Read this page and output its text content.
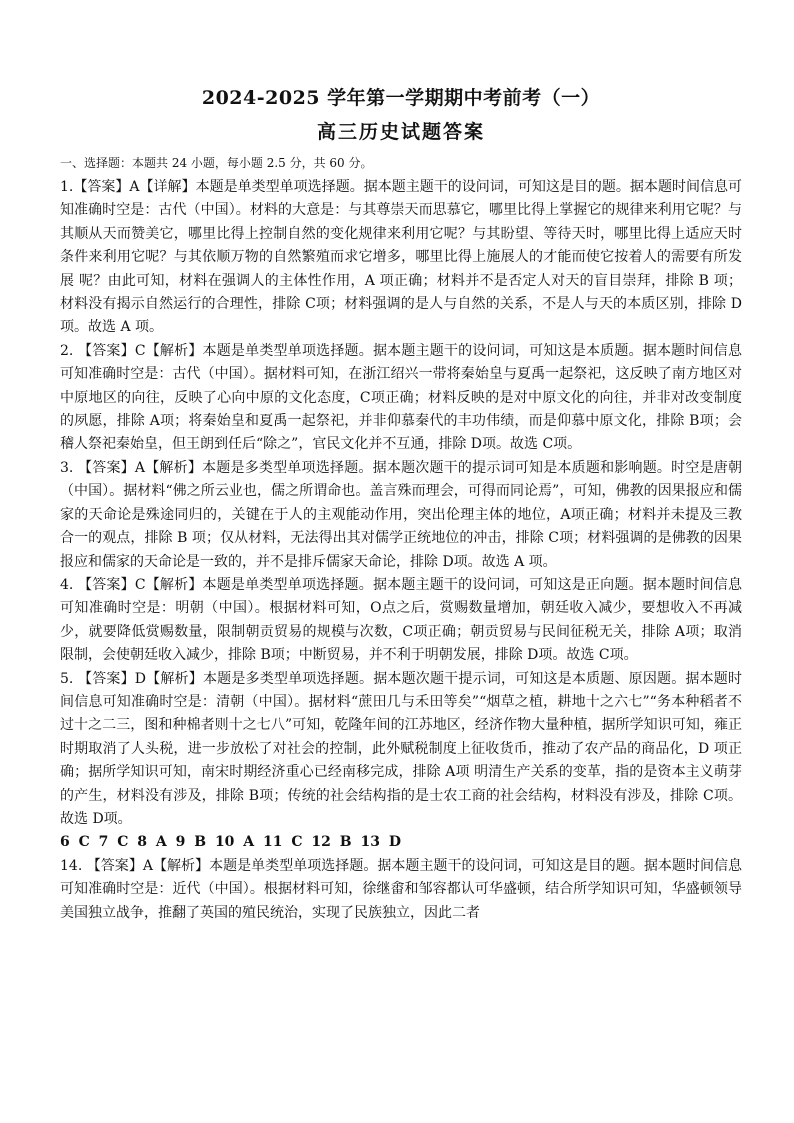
2024-2025 学年第一学期期中考前考（一）
高三历史试题答案

一、选择题：本题共 24 小题，每小题 2.5 分，共 60 分。

1.【答案】A【详解】本题是单类型单项选择题。据本题主题干的设问词，可知这是目的题。据本题时间信息可知准确时空是：古代（中国）。材料的大意是：与其尊崇天而思慕它，哪里比得上掌握它的规律来利用它呢？与其顺从天而赞美它，哪里比得上控制自然的变化规律来利用它呢？与其盼望、等待天时，哪里比得上适应天时条件来利用它呢？与其依顺万物的自然繁殖而求它增多，哪里比得上施展人的才能而使它按着人的需要有所发展 呢？由此可知，材料在强调人的主体性作用，A 项正确；材料并不是否定人对天的盲目崇拜，排除 B 项；材料没有揭示自然运行的合理性，排除 C项；材料强调的是人与自然的关系，不是人与天的本质区别，排除 D 项。故选 A 项。

2. 【答案】C【解析】本题是单类型单项选择题。据本题主题干的设问词，可知这是本质题。据本题时间信息可知准确时空是：古代（中国）。据材料可知，在浙江绍兴一带将秦始皇与夏禹一起祭祀，这反映了南方地区对中原地区的向往，反映了心向中原的文化态度，C项正确；材料反映的是对中原文化的向往，并非对改变制度的夙愿，排除 A项；将秦始皇和夏禹一起祭祀，并非仰慕秦代的丰功伟绩，而是仰慕中原文化，排除 B项；会稽人祭祀秦始皇，但王朗到任后“除之”，官民文化并不互通，排除 D项。故选 C项。

3. 【答案】A【解析】本题是多类型单项选择题。据本题次题干的提示词可知是本质题和影响题。时空是唐朝（中国）。据材料“佛之所云业也，儒之所谓命也。盖言殊而理会，可得而同论焉”，可知，佛教的因果报应和儒家的天命论是殊途同归的，关键在于人的主观能动作用，突出伦理主体的地位，A项正确；材料并未提及三教合一的观点，排除 B 项；仅从材料，无法得出其对儒学正统地位的冲击，排除 C项；材料强调的是佛教的因果报应和儒家的天命论是一致的，并不是排斥儒家天命论，排除 D项。故选 A 项。

4. 【答案】C【解析】本题是单类型单项选择题。据本题主题干的设问词，可知这是正向题。据本题时间信息可知准确时空是：明朝（中国）。根据材料可知，O点之后，赏赐数量增加，朝廷收入减少，要想收入不再减少，就要降低赏赐数量，限制朝贡贸易的规模与次数，C项正确；朝贡贸易与民间征税无关，排除 A项；取消限制，会使朝廷收入减少，排除 B项；中断贸易，并不利于明朝发展，排除 D项。故选 C项。

5. 【答案】D【解析】本题是多类型单项选择题。据本题次题干提示词，可知这是本质题、原因题。据本题时间信息可知准确时空是：清朝（中国）。据材料“蔗田几与禾田等矣”“烟草之植，耕地十之六七”“务本种稻者不过十之二三，图和种棉者则十之七八”可知，乾隆年间的江苏地区，经济作物大量种植，据所学知识可知，雍正时期取消了人头税，进一步放松了对社会的控制，此外赋税制度上征收货币，推动了农产品的商品化，D 项正确；据所学知识可知，南宋时期经济重心已经南移完成，排除 A项 明清生产关系的变革，指的是资本主义萌芽的产生，材料没有涉及，排除 B项；传统的社会结构指的是士农工商的社会结构，材料没有涉及，排除 C项。故选 D项。

6 C 7 C 8 A 9 B 10 A 11 C 12 B 13 D

14. 【答案】A【解析】本题是单类型单项选择题。据本题主题干的设问词，可知这是目的题。据本题时间信息可知准确时空是：近代（中国）。根据材料可知，徐继畬和邹容都认可华盛顿，结合所学知识可知，华盛顿领导美国独立战争，推翻了英国的殖民统治，实现了民族独立，因此二者
